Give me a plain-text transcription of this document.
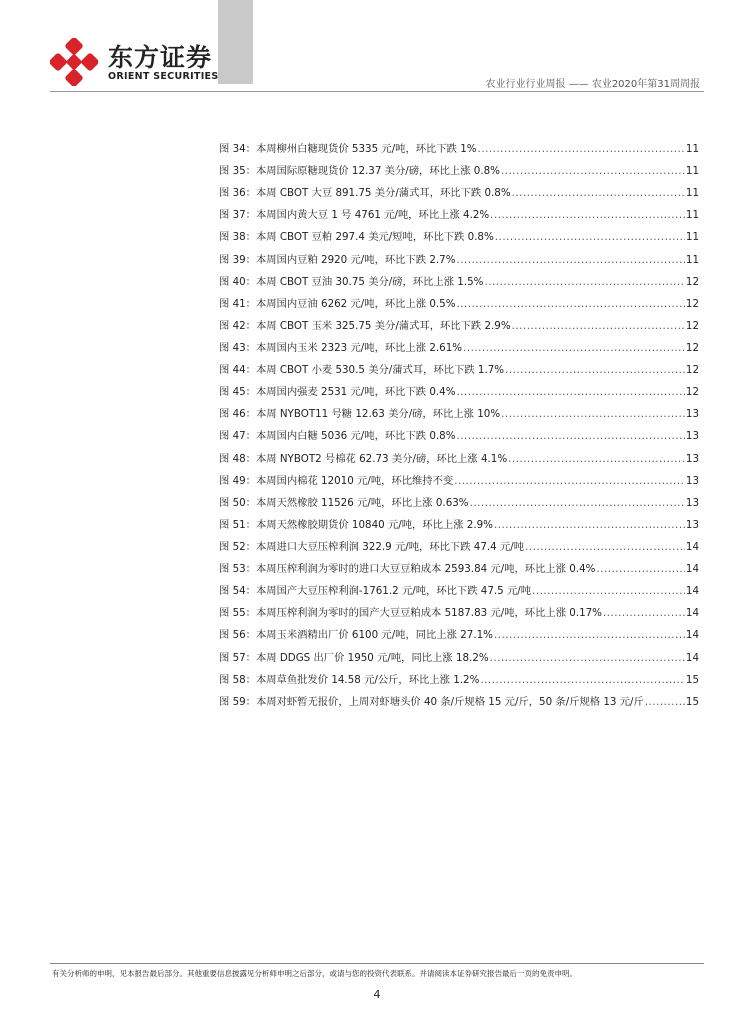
东方证券
ORIENT SECURITIES
农业行业行业周报 —— 农业2020年第31周周报
图 34：本周柳州白糖现货价 5335 元/吨，环比下跌 1% .....	11
图 35：本周国际原糖现货价 12.37 美分/磅，环比上涨 0.8% .....	11
图 36：本周 CBOT 大豆 891.75 美分/蒲式耳，环比下跌 0.8% .....	11
图 37：本周国内黄大豆 1 号 4761 元/吨，环比上涨 4.2% .....	11
图 38：本周 CBOT 豆粕 297.4 美元/短吨，环比下跌 0.8% .....	11
图 39：本周国内豆粕 2920 元/吨，环比下跌 2.7% .....	11
图 40：本周 CBOT 豆油 30.75 美分/磅，环比上涨 1.5% .....	12
图 41：本周国内豆油 6262 元/吨，环比上涨 0.5% .....	12
图 42：本周 CBOT 玉米 325.75 美分/蒲式耳，环比下跌 2.9% .....	12
图 43：本周国内玉米 2323 元/吨，环比上涨 2.61% .....	12
图 44：本周 CBOT 小麦 530.5 美分/蒲式耳，环比下跌 1.7% .....	12
图 45：本周国内强麦 2531 元/吨，环比下跌 0.4% .....	12
图 46：本周 NYBOT11 号糖 12.63 美分/磅，环比上涨 10% .....	13
图 47：本周国内白糖 5036 元/吨，环比下跌 0.8% .....	13
图 48：本周 NYBOT2 号棉花 62.73 美分/磅，环比上涨 4.1% .....	13
图 49：本周国内棉花 12010 元/吨，环比维持不变 .....	13
图 50：本周天然橡胶 11526 元/吨，环比上涨 0.63% .....	13
图 51：本周天然橡胶期货价 10840 元/吨，环比上涨 2.9% .....	13
图 52：本周进口大豆压榨利润 322.9 元/吨，环比下跌 47.4 元/吨 .....	14
图 53：本周压榨利润为零时的进口大豆豆粕成本 2593.84 元/吨，环比上涨 0.4% .....	14
图 54：本周国产大豆压榨利润-1761.2 元/吨，环比下跌 47.5 元/吨 .....	14
图 55：本周压榨利润为零时的国产大豆豆粕成本 5187.83 元/吨，环比上涨 0.17% .....	14
图 56：本周玉米酒精出厂价 6100 元/吨，同比上涨 27.1% .....	14
图 57：本周 DDGS 出厂价 1950 元/吨，同比上涨 18.2% .....	14
图 58：本周草鱼批发价 14.58 元/公斤，环比上涨 1.2% .....	15
图 59：本周对虾暂无报价，上周对虾塘头价 40 条/斤规格 15 元/斤，50 条/斤规格 13 元/斤 .....	15
有关分析师的申明，见本报告最后部分。其他重要信息披露见分析师申明之后部分，或请与您的投资代表联系。并请阅读本证券研究报告最后一页的免责申明。
4
